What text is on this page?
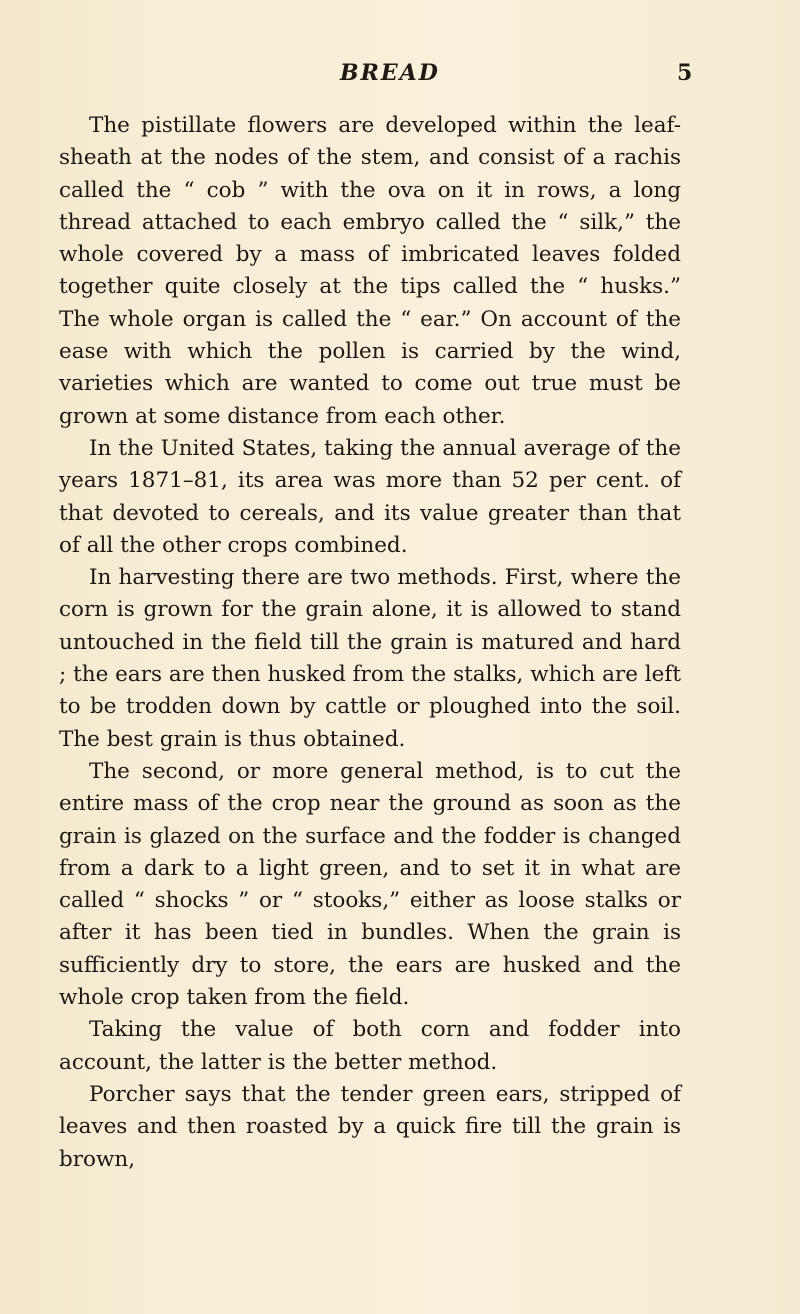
BREAD	5

The pistillate flowers are developed within the leaf-sheath at the nodes of the stem, and consist of a rachis called the “ cob ” with the ova on it in rows, a long thread attached to each embryo called the “ silk,” the whole covered by a mass of imbricated leaves folded together quite closely at the tips called the “ husks.” The whole organ is called the “ ear.” On account of the ease with which the pollen is carried by the wind, varieties which are wanted to come out true must be grown at some distance from each other.

In the United States, taking the annual average of the years 1871–81, its area was more than 52 per cent. of that devoted to cereals, and its value greater than that of all the other crops combined.

In harvesting there are two methods. First, where the corn is grown for the grain alone, it is allowed to stand untouched in the field till the grain is matured and hard ; the ears are then husked from the stalks, which are left to be trodden down by cattle or ploughed into the soil. The best grain is thus obtained.

The second, or more general method, is to cut the entire mass of the crop near the ground as soon as the grain is glazed on the surface and the fodder is changed from a dark to a light green, and to set it in what are called “ shocks ” or “ stooks,” either as loose stalks or after it has been tied in bundles. When the grain is sufficiently dry to store, the ears are husked and the whole crop taken from the field.

Taking the value of both corn and fodder into account, the latter is the better method.

Porcher says that the tender green ears, stripped of leaves and then roasted by a quick fire till the grain is brown,
